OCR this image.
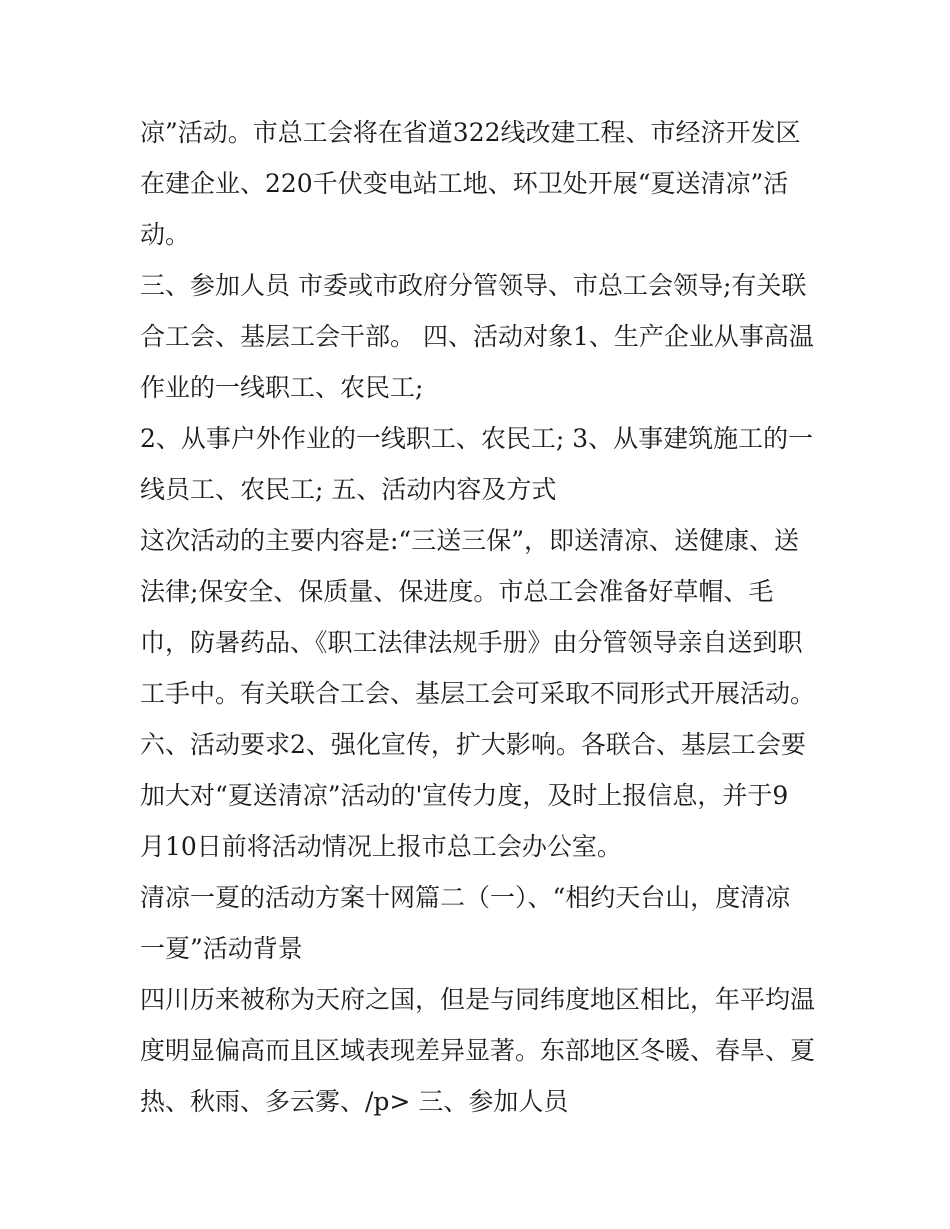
凉”活动。市总工会将在省道322线改建工程、市经济开发区
在建企业、220千伏变电站工地、环卫处开展“夏送清凉”活
动。
三、参加人员 市委或市政府分管领导、市总工会领导;有关联
合工会、基层工会干部。 四、活动对象1、生产企业从事高温
作业的一线职工、农民工;
2、从事户外作业的一线职工、农民工; 3、从事建筑施工的一
线员工、农民工; 五、活动内容及方式
这次活动的主要内容是:“三送三保”，即送清凉、送健康、送
法律;保安全、保质量、保进度。市总工会准备好草帽、毛
巾，防暑药品、《职工法律法规手册》由分管领导亲自送到职
工手中。有关联合工会、基层工会可采取不同形式开展活动。
六、活动要求2、强化宣传，扩大影响。各联合、基层工会要
加大对“夏送清凉”活动的'宣传力度，及时上报信息，并于9
月10日前将活动情况上报市总工会办公室。
清凉一夏的活动方案十网篇二（一）、“相约天台山，度清凉
一夏”活动背景
四川历来被称为天府之国，但是与同纬度地区相比，年平均温
度明显偏高而且区域表现差异显著。东部地区冬暖、春旱、夏
热、秋雨、多云雾、/p> 三、参加人员
